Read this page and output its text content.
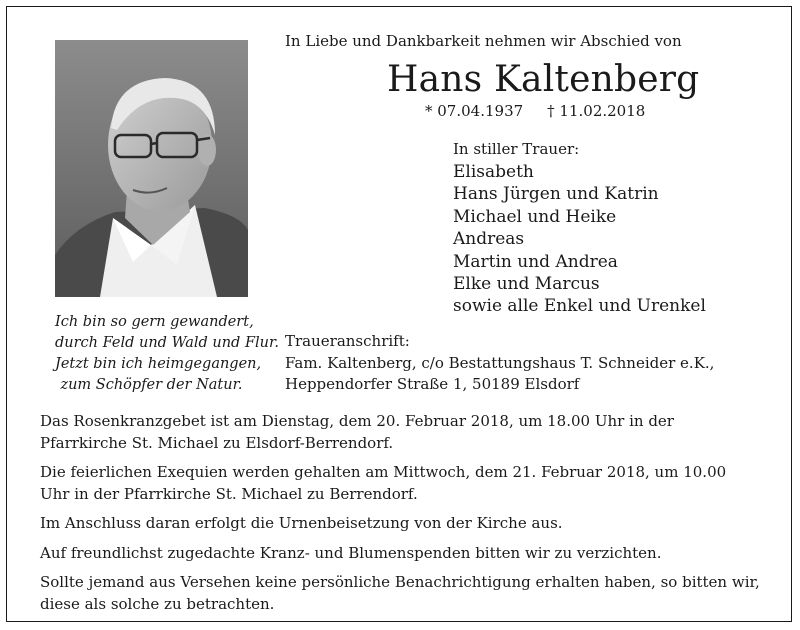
In Liebe und Dankbarkeit nehmen wir Abschied von
Hans Kaltenberg
* 07.04.1937 † 11.02.2018
In stiller Trauer:
Elisabeth
Hans Jürgen und Katrin
Michael und Heike
Andreas
Martin und Andrea
Elke und Marcus
sowie alle Enkel und Urenkel
Ich bin so gern gewandert,
durch Feld und Wald und Flur.
Jetzt bin ich heimgegangen,
zum Schöpfer der Natur.
Traueranschrift:
Fam. Kaltenberg, c/o Bestattungshaus T. Schneider e.K.,
Heppendorfer Straße 1, 50189 Elsdorf

Das Rosenkranzgebet ist am Dienstag, dem 20. Februar 2018, um 18.00 Uhr in der Pfarrkirche St. Michael zu Elsdorf-Berrendorf.

Die feierlichen Exequien werden gehalten am Mittwoch, dem 21. Februar 2018, um 10.00 Uhr in der Pfarrkirche St. Michael zu Berrendorf.

Im Anschluss daran erfolgt die Urnenbeisetzung von der Kirche aus.

Auf freundlichst zugedachte Kranz- und Blumenspenden bitten wir zu verzichten.

Sollte jemand aus Versehen keine persönliche Benachrichtigung erhalten haben, so bitten wir, diese als solche zu betrachten.
